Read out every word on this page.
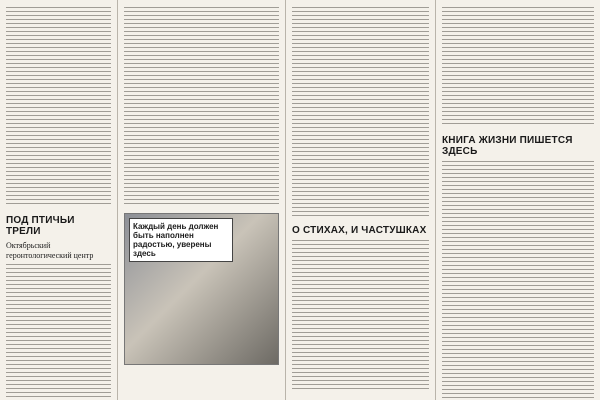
ПОД ПТИЧЬИ ТРЕЛИ
Октябрьский геронтологический центр
Каждый день должен быть наполнен радостью, уверены здесь
О СТИХАХ, И ЧАСТУШКАХ
КНИГА ЖИЗНИ ПИШЕТСЯ ЗДЕСЬ
